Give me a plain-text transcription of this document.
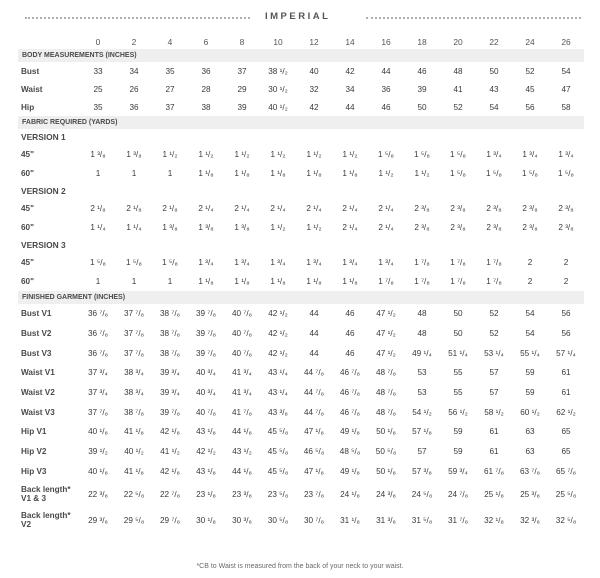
IMPERIAL
	0	2	4	6	8	10	12	14	16	18	20	22	24	26
BODY MEASUREMENTS (INCHES)														
Bust	33	34	35	36	37	38 ¹/₂	40	42	44	46	48	50	52	54
Waist	25	26	27	28	29	30 ¹/₂	32	34	36	39	41	43	45	47
Hip	35	36	37	38	39	40 ¹/₂	42	44	46	50	52	54	56	58
FABRIC REQUIRED (YARDS)														
VERSION 1														
45"	1 ³/₈	1 ³/₈	1 ¹/₂	1 ¹/₂	1 ¹/₂	1 ¹/₂	1 ¹/₂	1 ¹/₂	1 ⁵/₈	1 ⁵/₈	1 ⁵/₈	1 ³/₄	1 ³/₄	1 ³/₄
60"	1	1	1	1 ¹/₈	1 ¹/₈	1 ¹/₈	1 ¹/₈	1 ¹/₈	1 ¹/₂	1 ¹/₂	1 ⁵/₈	1 ⁵/₈	1 ⁵/₈	1 ⁵/₈
VERSION 2														
45"	2 ¹/₈	2 ¹/₈	2 ¹/₈	2 ¹/₄	2 ¹/₄	2 ¹/₄	2 ¹/₄	2 ¹/₄	2 ¹/₄	2 ³/₈	2 ³/₈	2 ³/₈	2 ³/₈	2 ³/₈
60"	1 ¹/₄	1 ¹/₄	1 ³/₈	1 ³/₈	1 ³/₈	1 ¹/₂	1 ¹/₂	2 ¹/₄	2 ¹/₄	2 ³/₈	2 ³/₈	2 ³/₈	2 ³/₈	2 ³/₈
VERSION 3														
45"	1 ⁵/₈	1 ⁵/₈	1 ⁵/₈	1 ³/₄	1 ³/₄	1 ³/₄	1 ³/₄	1 ³/₄	1 ³/₄	1 ⁷/₈	1 ⁷/₈	1 ⁷/₈	2	2
60"	1	1	1	1 ¹/₈	1 ¹/₈	1 ¹/₈	1 ¹/₈	1 ¹/₈	1 ⁷/₈	1 ⁷/₈	1 ⁷/₈	1 ⁷/₈	2	2
FINISHED GARMENT (INCHES)														
Bust V1	36 ⁷/₈	37 ⁷/₈	38 ⁷/₈	39 ⁷/₈	40 ⁷/₈	42 ¹/₂	44	46	47 ¹/₂	48	50	52	54	56
Bust V2	36 ⁷/₈	37 ⁷/₈	38 ⁷/₈	39 ⁷/₈	40 ⁷/₈	42 ¹/₂	44	46	47 ¹/₂	48	50	52	54	56
Bust V3	36 ⁷/₈	37 ⁷/₈	38 ⁷/₈	39 ⁷/₈	40 ⁷/₈	42 ¹/₂	44	46	47 ¹/₂	49 ¹/₄	51 ¹/₄	53 ¹/₄	55 ¹/₄	57 ¹/₄
Waist V1	37 ³/₄	38 ³/₄	39 ³/₄	40 ³/₄	41 ³/₄	43 ¹/₄	44 ⁷/₈	46 ⁷/₈	48 ⁷/₈	53	55	57	59	61
Waist V2	37 ³/₄	38 ³/₄	39 ³/₄	40 ³/₄	41 ³/₄	43 ¹/₄	44 ⁷/₈	46 ⁷/₈	48 ⁷/₈	53	55	57	59	61
Waist V3	37 ⁷/₈	38 ⁷/₈	39 ⁷/₈	40 ⁷/₈	41 ⁷/₈	43 ³/₈	44 ⁷/₈	46 ⁷/₈	48 ⁷/₈	54 ¹/₂	56 ¹/₂	58 ¹/₂	60 ¹/₂	62 ¹/₂
Hip V1	40 ¹/₈	41 ¹/₈	42 ¹/₈	43 ¹/₈	44 ¹/₈	45 ⁵/₈	47 ¹/₈	49 ¹/₈	50 ¹/₈	57 ¹/₈	59	61	63	65
Hip V2	39 ¹/₂	40 ¹/₂	41 ¹/₂	42 ¹/₂	43 ¹/₂	45 ⁵/₈	46 ⁵/₈	48 ⁵/₈	50 ⁵/₈	57	59	61	63	65
Hip V3	40 ¹/₈	41 ¹/₈	42 ¹/₈	43 ¹/₈	44 ¹/₈	45 ⁵/₈	47 ¹/₈	49 ¹/₈	50 ¹/₈	57 ³/₈	59 ³/₄	61 ⁷/₈	63 ⁷/₈	65 ⁷/₈
Back length* V1 & 3	22 ³/₈	22 ⁵/₈	22 ⁷/₈	23 ¹/₈	23 ³/₈	23 ⁵/₈	23 ⁷/₈	24 ¹/₈	24 ³/₈	24 ⁵/₈	24 ⁷/₈	25 ¹/₈	25 ³/₈	25 ⁵/₈
Back length* V2	29 ³/₈	29 ⁵/₈	29 ⁷/₈	30 ¹/₈	30 ³/₈	30 ⁵/₈	30 ⁷/₈	31 ¹/₈	31 ³/₈	31 ⁵/₈	31 ⁷/₈	32 ¹/₈	32 ³/₈	32 ⁵/₈
*CB to Waist is measured from the back of your neck to your waist.
